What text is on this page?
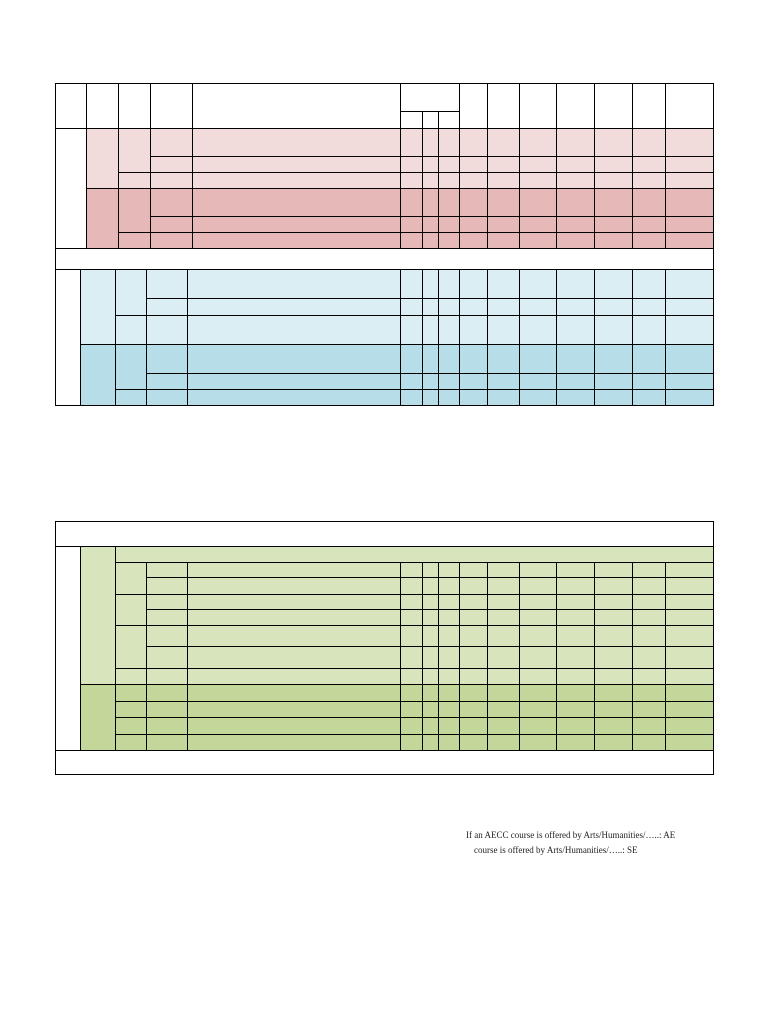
If an AECC course is offered by Arts/Humanities/…..: AE
course is offered by Arts/Humanities/…..: SE
